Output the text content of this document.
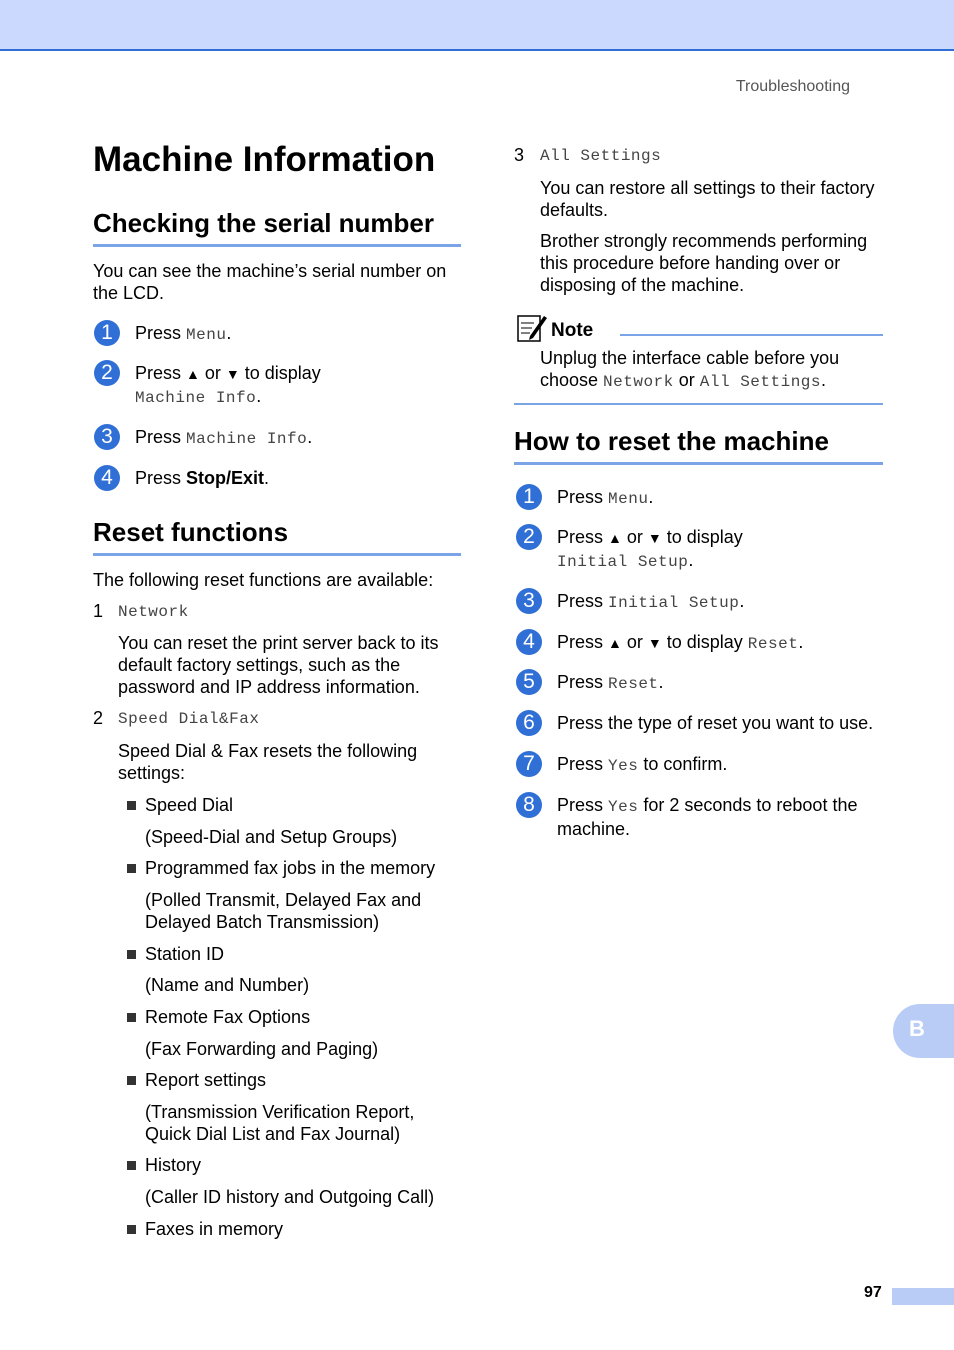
Troubleshooting
Machine Information
Checking the serial number

You can see the machine’s serial number on the LCD.

1	Press Menu.
2	Press ▲ or ▼ to display
Machine Info.
3	Press Machine Info.
4	Press Stop/Exit.
Reset functions

The following reset functions are available:

1 Network

You can reset the print server back to its default factory settings, such as the password and IP address information.

2 Speed Dial&Fax

Speed Dial & Fax resets the following settings:

Speed Dial
(Speed-Dial and Setup Groups)
Programmed fax jobs in the memory
(Polled Transmit, Delayed Fax and Delayed Batch Transmission)
Station ID
(Name and Number)
Remote Fax Options
(Fax Forwarding and Paging)
Report settings
(Transmission Verification Report, Quick Dial List and Fax Journal)
History
(Caller ID history and Outgoing Call)
Faxes in memory
3 All Settings

You can restore all settings to their factory defaults.

Brother strongly recommends performing this procedure before handing over or disposing of the machine.

Note

Unplug the interface cable before you choose Network or All Settings.

How to reset the machine
1	Press Menu.
2	Press ▲ or ▼ to display
Initial Setup.
3	Press Initial Setup.
4	Press ▲ or ▼ to display Reset.
5	Press Reset.
6	Press the type of reset you want to use.
7	Press Yes to confirm.
8	Press Yes for 2 seconds to reboot the
machine.
B
97
